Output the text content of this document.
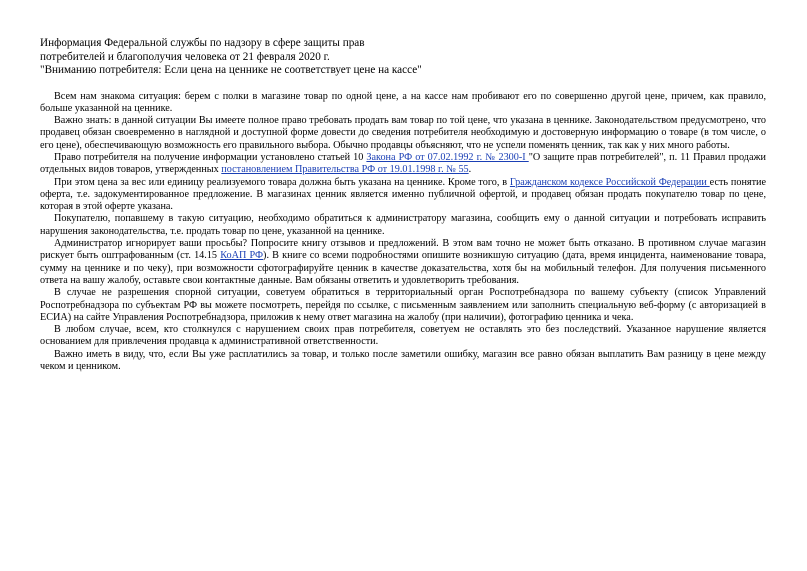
Информация Федеральной службы по надзору в сфере защиты прав
потребителей и благополучия человека от 21 февраля 2020 г.
"Вниманию потребителя: Если цена на ценнике не соответствует цене на кассе"

Всем нам знакома ситуация: берем с полки в магазине товар по одной цене, а на кассе нам пробивают его по совершенно другой цене, причем, как правило, больше указанной на ценнике.

Важно знать: в данной ситуации Вы имеете полное право требовать продать вам товар по той цене, что указана в ценнике. Законодательством предусмотрено, что продавец обязан своевременно в наглядной и доступной форме довести до сведения потребителя необходимую и достоверную информацию о товаре (в том числе, о его цене), обеспечивающую возможность его правильного выбора. Обычно продавцы объясняют, что не успели поменять ценник, так как у них много работы.

Право потребителя на получение информации установлено статьей 10 Закона РФ от 07.02.1992 г. № 2300-I "О защите прав потребителей", п. 11 Правил продажи отдельных видов товаров, утвержденных постановлением Правительства РФ от 19.01.1998 г. № 55.

При этом цена за вес или единицу реализуемого товара должна быть указана на ценнике. Кроме того, в Гражданском кодексе Российской Федерации есть понятие оферта, т.е. задокументированное предложение. В магазинах ценник является именно публичной офертой, и продавец обязан продать покупателю товар по цене, которая в этой оферте указана.

Покупателю, попавшему в такую ситуацию, необходимо обратиться к администратору магазина, сообщить ему о данной ситуации и потребовать исправить нарушения законодательства, т.е. продать товар по цене, указанной на ценнике.

Администратор игнорирует ваши просьбы? Попросите книгу отзывов и предложений. В этом вам точно не может быть отказано. В противном случае магазин рискует быть оштрафованным (ст. 14.15 КоАП РФ). В книге со всеми подробностями опишите возникшую ситуацию (дата, время инцидента, наименование товара, сумму на ценнике и по чеку), при возможности сфотографируйте ценник в качестве доказательства, хотя бы на мобильный телефон. Для получения письменного ответа на вашу жалобу, оставьте свои контактные данные. Вам обязаны ответить и удовлетворить требования.

В случае не разрешения спорной ситуации, советуем обратиться в территориальный орган Роспотребнадзора по вашему субъекту (список Управлений Роспотребнадзора по субъектам РФ вы можете посмотреть, перейдя по ссылке, с письменным заявлением или заполнить специальную веб-форму (с авторизацией в ЕСИА) на сайте Управления Роспотребнадзора, приложив к нему ответ магазина на жалобу (при наличии), фотографию ценника и чека.

В любом случае, всем, кто столкнулся с нарушением своих прав потребителя, советуем не оставлять это без последствий. Указанное нарушение является основанием для привлечения продавца к административной ответственности.

Важно иметь в виду, что, если Вы уже расплатились за товар, и только после заметили ошибку, магазин все равно обязан выплатить Вам разницу в цене между чеком и ценником.
